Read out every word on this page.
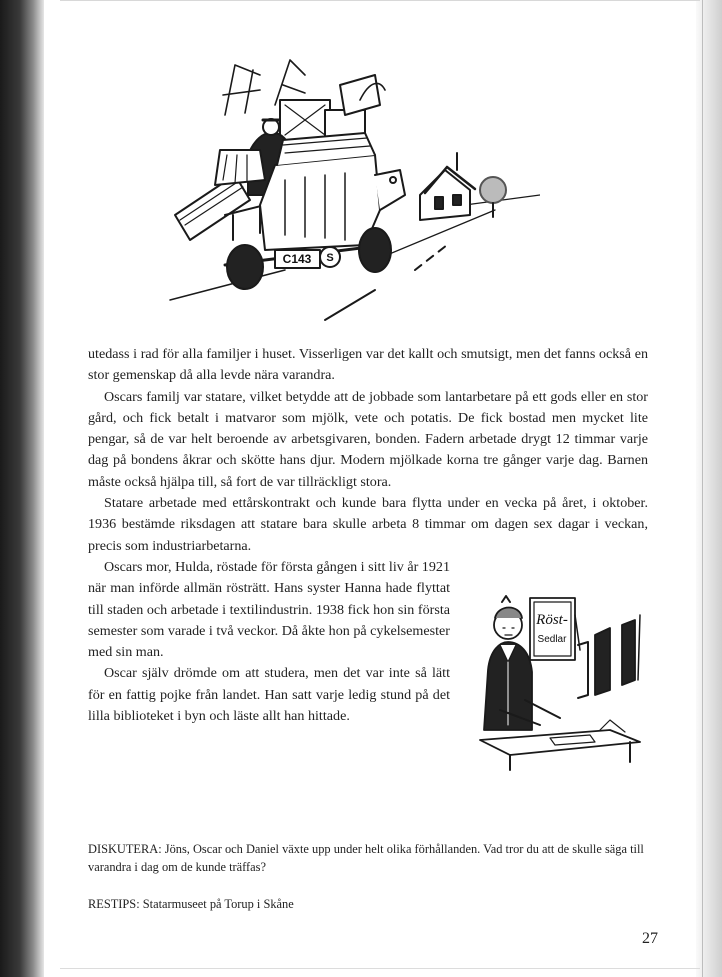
C143 S

utedass i rad för alla familjer i huset. Visserligen var det kallt och smutsigt, men det fanns också en stor gemenskap då alla levde nära varandra.

Oscars familj var statare, vilket betydde att de jobbade som lantarbetare på ett gods eller en stor gård, och fick betalt i matvaror som mjölk, vete och potatis. De fick bostad men mycket lite pengar, så de var helt beroende av arbetsgivaren, bonden. Fadern arbetade drygt 12 timmar varje dag på bondens åkrar och skötte hans djur. Modern mjölkade korna tre gånger varje dag. Barnen måste också hjälpa till, så fort de var tillräckligt stora.

Statare arbetade med ettårskontrakt och kunde bara flytta under en vecka på året, i oktober. 1936 bestämde riksdagen att statare bara skulle arbeta 8 timmar om dagen sex dagar i veckan, precis som industriarbetarna.

Oscars mor, Hulda, röstade för första gången i sitt liv år 1921 när man införde allmän rösträtt. Hans syster Hanna hade flyttat till staden och arbetade i textilindustrin. 1938 fick hon sin första semester som varade i två veckor. Då åkte hon på cykelsemester med sin man.

Oscar själv drömde om att studera, men det var inte så lätt för en fattig pojke från landet. Han satt varje ledig stund på det lilla biblioteket i byn och läste allt han hittade.

Röst-
Sedlar
DISKUTERA: Jöns, Oscar och Daniel växte upp under helt olika förhållanden. Vad tror du att de skulle säga till varandra i dag om de kunde träffas?
RESTIPS: Statarmuseet på Torup i Skåne
27
